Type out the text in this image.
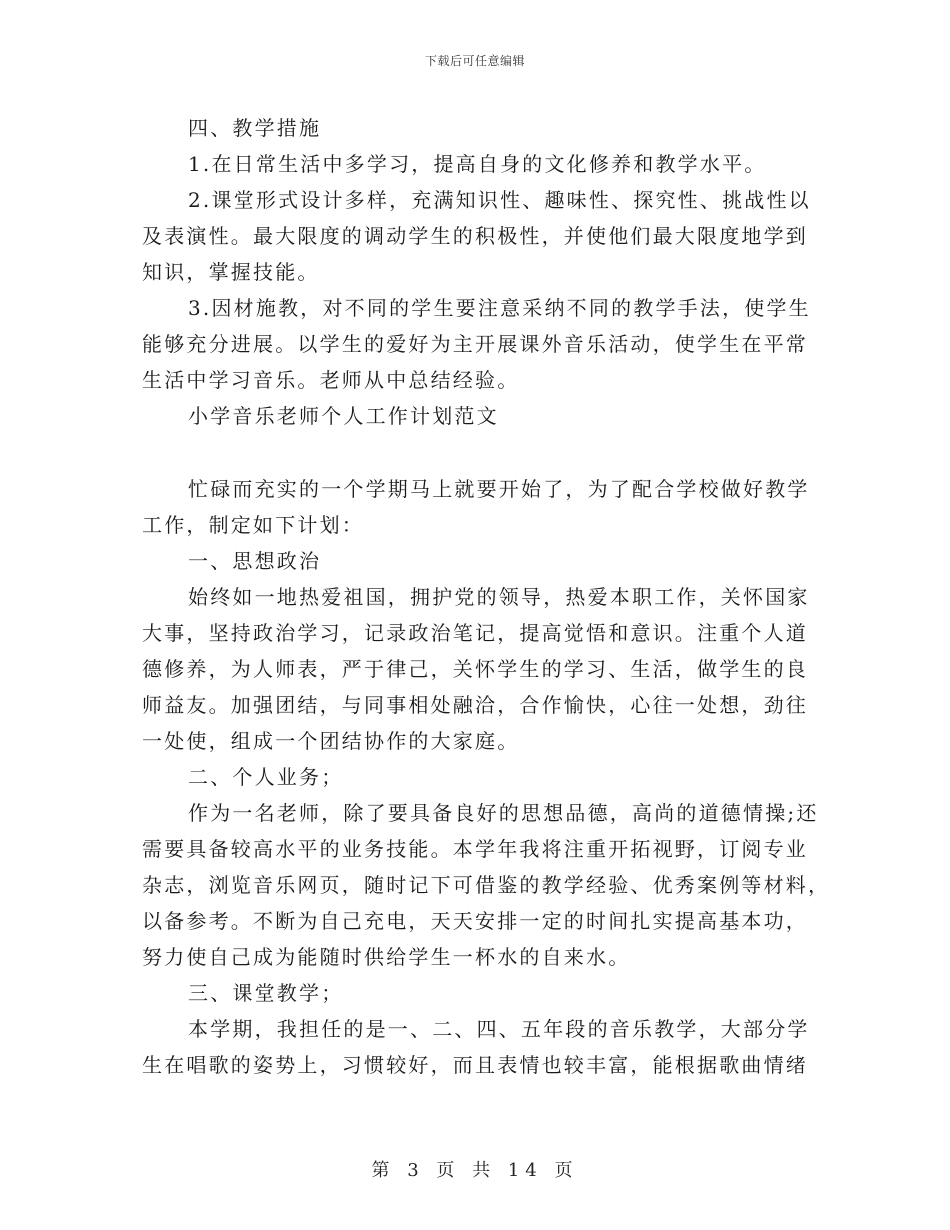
下载后可任意编辑
四、教学措施
1.在日常生活中多学习，提高自身的文化修养和教学水平。
2.课堂形式设计多样，充满知识性、趣味性、探究性、挑战性以
及表演性。最大限度的调动学生的积极性，并使他们最大限度地学到
知识，掌握技能。
3.因材施教，对不同的学生要注意采纳不同的教学手法，使学生
能够充分进展。以学生的爱好为主开展课外音乐活动，使学生在平常
生活中学习音乐。老师从中总结经验。
小学音乐老师个人工作计划范文
忙碌而充实的一个学期马上就要开始了，为了配合学校做好教学
工作，制定如下计划：
一、思想政治
始终如一地热爱祖国，拥护党的领导，热爱本职工作，关怀国家
大事，坚持政治学习，记录政治笔记，提高觉悟和意识。注重个人道
德修养，为人师表，严于律己，关怀学生的学习、生活，做学生的良
师益友。加强团结，与同事相处融洽，合作愉快，心往一处想，劲往
一处使，组成一个团结协作的大家庭。
二、个人业务；
作为一名老师，除了要具备良好的思想品德，高尚的道德情操;还
需要具备较高水平的业务技能。本学年我将注重开拓视野，订阅专业
杂志，浏览音乐网页，随时记下可借鉴的教学经验、优秀案例等材料，
以备参考。不断为自己充电，天天安排一定的时间扎实提高基本功，
努力使自己成为能随时供给学生一杯水的自来水。
三、课堂教学；
本学期，我担任的是一、二、四、五年段的音乐教学，大部分学
生在唱歌的姿势上，习惯较好，而且表情也较丰富，能根据歌曲情绪
第 3 页 共 14 页
